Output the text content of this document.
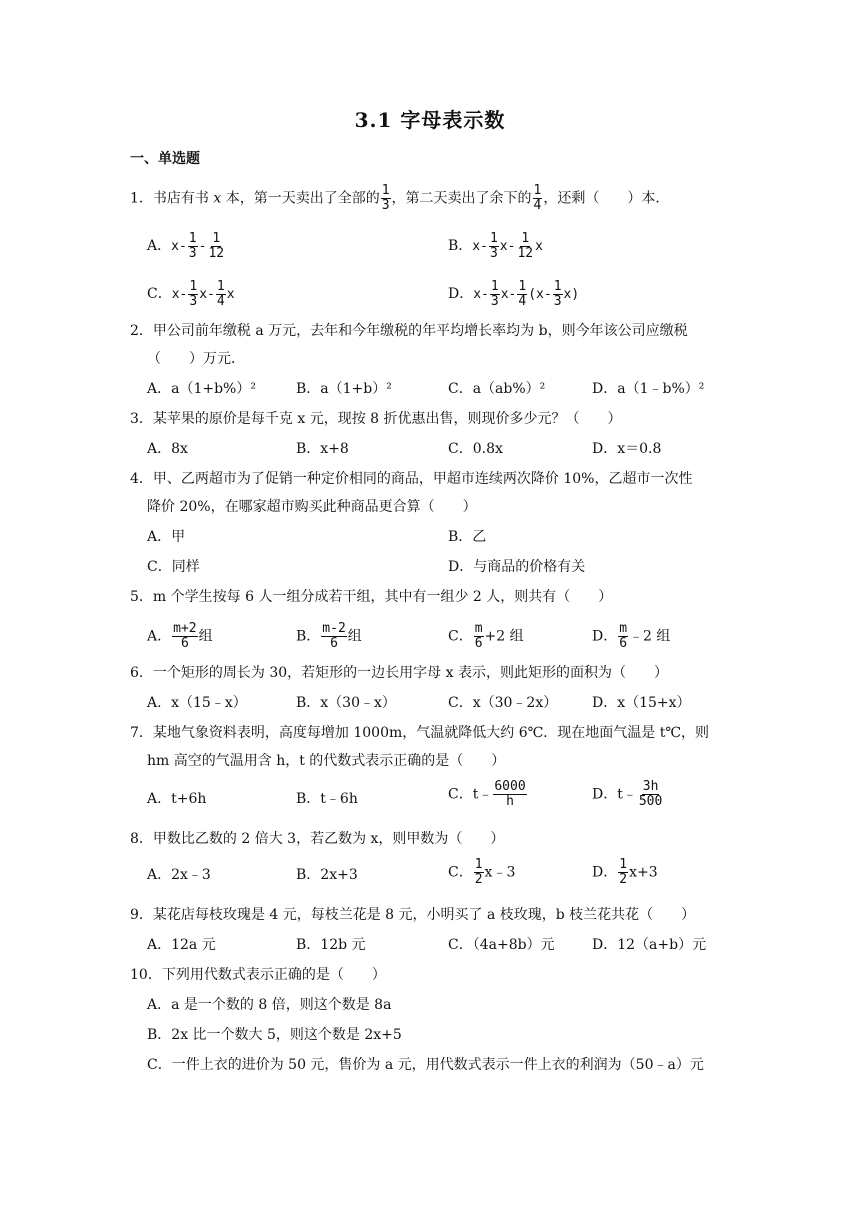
3.1 字母表示数
一、单选题
1．书店有书 x 本，第一天卖出了全部的 $\frac{1}{3}$ ，第二天卖出了余下的 $\frac{1}{4}$ ，还剩（　　）本．
A．$x- \frac{1}{3} - \frac{1}{12}$	B．$x- \frac{1}{3} x- \frac{1}{12}$ x
C．$x- \frac{1}{3} x- \frac{1}{4}$ x	D．$x- \frac{1}{3} x- \frac{1}{4} (x- \frac{1}{3} x)$
2．甲公司前年缴税 a 万元，去年和今年缴税的年平均增长率均为 b，则今年该公司应缴税
（　　）万元．
A．a（1+b%）²	B．a（1+b）²	C．a（ab%）²	D．a（1﹣b%）²
3．某苹果的原价是每千克 x 元，现按 8 折优惠出售，则现价多少元？（　　）
A．8x	B．x+8	C．0.8x	D．x＝0.8
4．甲、乙两超市为了促销一种定价相同的商品，甲超市连续两次降价 10%，乙超市一次性
降价 20%，在哪家超市购买此种商品更合算（　　）
A．甲	B．乙
C．同样	D．与商品的价格有关
5．m 个学生按每 6 人一组分成若干组，其中有一组少 2 人，则共有（　　）
A． $\frac{m+2}{6}$ 组	B． $\frac{m-2}{6}$ 组	C． $\frac{m}{6} +2$ 组	D． $\frac{m}{6}$ ﹣2 组
6．一个矩形的周长为 30，若矩形的一边长用字母 x 表示，则此矩形的面积为（　　）
A．x（15﹣x）	B．x（30﹣x）	C．x（30﹣2x） D．x（15+x）
7．某地气象资料表明，高度每增加 1000m，气温就降低大约 6℃．现在地面气温是 t℃，则
hm 高空的气温用含 h，t 的代数式表示正确的是（　　）
A．t+6h	B．t﹣6h	C．t﹣ $\frac{6000}{h}$	D．t﹣ $\frac{3h}{500}$
8．甲数比乙数的 2 倍大 3，若乙数为 x，则甲数为（　　）
A．2x﹣3	B．2x+3	C． $\frac{1}{2}$ x﹣3	D． $\frac{1}{2} x+3$
9．某花店每枝玫瑰是 4 元，每枝兰花是 8 元，小明买了 a 枝玫瑰，b 枝兰花共花（　　）
A．12a 元	B．12b 元	C．（4a+8b）元	D．12（a+b）元
10．下列用代数式表示正确的是（　　）
A．a 是一个数的 8 倍，则这个数是 8a
B．2x 比一个数大 5，则这个数是 2x+5
C．一件上衣的进价为 50 元，售价为 a 元，用代数式表示一件上衣的利润为（50﹣a）元
